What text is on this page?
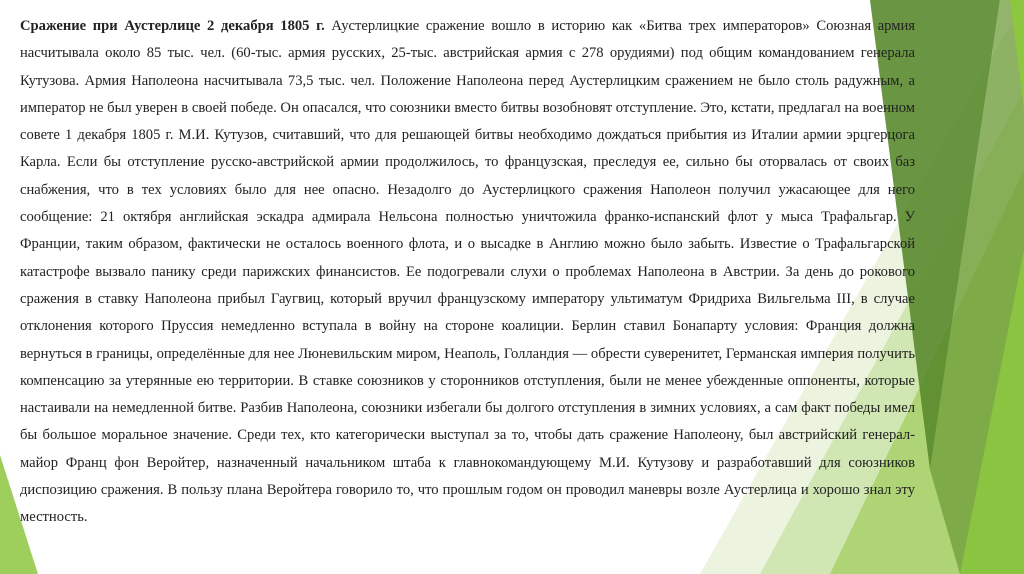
Сражение при Аустерлице 2 декабря 1805 г. Аустерлицкие сражение вошло в историю как «Битва трех императоров» Союзная армия насчитывала около 85 тыс. чел. (60-тыс. армия русских, 25-тыс. австрийская армия с 278 орудиями) под общим командованием генерала Кутузова. Армия Наполеона насчитывала 73,5 тыс. чел. Положение Наполеона перед Аустерлицким сражением не было столь радужным, а император не был уверен в своей победе. Он опасался, что союзники вместо битвы возобновят отступление. Это, кстати, предлагал на военном совете 1 декабря 1805 г. М.И. Кутузов, считавший, что для решающей битвы необходимо дождаться прибытия из Италии армии эрцгерцога Карла. Если бы отступление русско-австрийской армии продолжилось, то французская, преследуя ее, сильно бы оторвалась от своих баз снабжения, что в тех условиях было для нее опасно. Незадолго до Аустерлицкого сражения Наполеон получил ужасающее для него сообщение: 21 октября английская эскадра адмирала Нельсона полностью уничтожила франко-испанский флот у мыса Трафальгар. У Франции, таким образом, фактически не осталось военного флота, и о высадке в Англию можно было забыть. Известие о Трафальгарской катастрофе вызвало панику среди парижских финансистов. Ее подогревали слухи о проблемах Наполеона в Австрии. За день до рокового сражения в ставку Наполеона прибыл Гаугвиц, который вручил французскому императору ультиматум Фридриха Вильгельма III, в случае отклонения которого Пруссия немедленно вступала в войну на стороне коалиции. Берлин ставил Бонапарту условия: Франция должна вернуться в границы, определённые для нее Люневильским миром, Неаполь, Голландия — обрести суверенитет, Германская империя получить компенсацию за утерянные ею территории. В ставке союзников у сторонников отступления, были не менее убежденные оппоненты, которые настаивали на немедленной битве. Разбив Наполеона, союзники избегали бы долгого отступления в зимних условиях, а сам факт победы имел бы большое моральное значение. Среди тех, кто категорически выступал за то, чтобы дать сражение Наполеону, был австрийский генерал-майор Франц фон Веройтер, назначенный начальником штаба к главнокомандующему М.И. Кутузову и разработавший для союзников диспозицию сражения. В пользу плана Веройтера говорило то, что прошлым годом он проводил маневры возле Аустерлица и хорошо знал эту местность.
